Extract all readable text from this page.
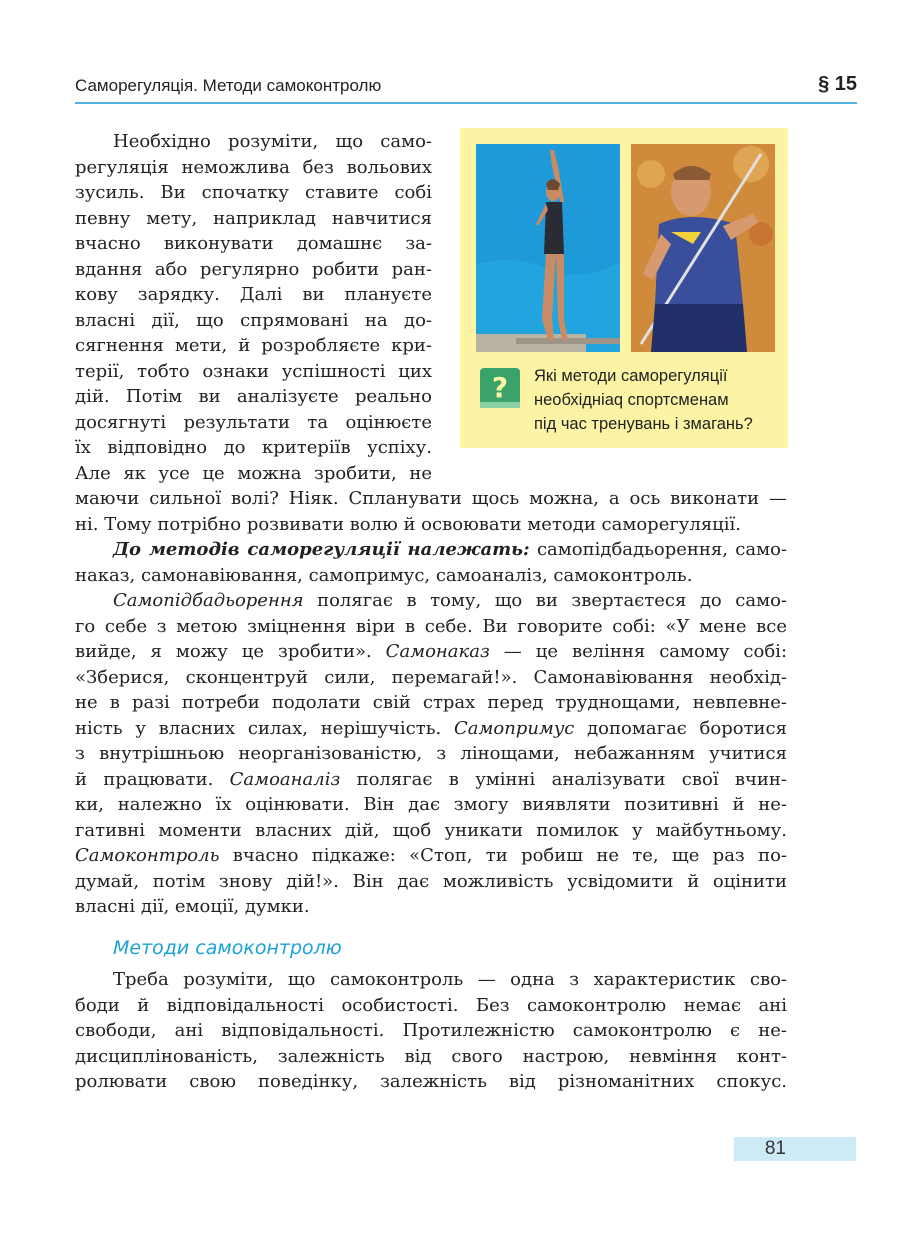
Саморегуляція. Методи самоконтролю	§ 15
? Які методи саморегуляції
необхідніаq спортсменам
під час тренувань і змагань?
Необхідно розуміти, що само-
регуляція неможлива без вольових
зусиль. Ви спочатку ставите собі
певну мету, наприклад навчитися
вчасно виконувати домашнє за-
вдання або регулярно робити ран-
кову зарядку. Далі ви плануєте
власні дії, що спрямовані на до-
сягнення мети, й розробляєте кри-
терії, тобто ознаки успішності цих
дій. Потім ви аналізуєте реально
досягнуті результати та оцінюєте
їх відповідно до критеріїв успіху.
Але як усе це можна зробити, не
маючи сильної волі? Ніяк. Спланувати щось можна, а ось виконати —
ні. Тому потрібно розвивати волю й освоювати методи саморегуляції.
До методів саморегуляції належать: самопідбадьорення, само-
наказ, самонавіювання, самопримус, самоаналіз, самоконтроль.
Самопідбадьорення полягає в тому, що ви звертаєтеся до само-
го себе з метою зміцнення віри в себе. Ви говорите собі: «У мене все
вийде, я можу це зробити». Самонаказ — це веління самому собі:
«Зберися, сконцентруй сили, перемагай!». Самонавіювання необхід-
не в разі потреби подолати свій страх перед труднощами, невпевне-
ність у власних силах, нерішучість. Самопримус допомагає боротися
з внутрішньою неорганізованістю, з лінощами, небажанням учитися
й працювати. Самоаналіз полягає в умінні аналізувати свої вчин-
ки, належно їх оцінювати. Він дає змогу виявляти позитивні й не-
гативні моменти власних дій, щоб уникати помилок у майбутньому.
Самоконтроль вчасно підкаже: «Стоп, ти робиш не те, ще раз по-
думай, потім знову дій!». Він дає можливість усвідомити й оцінити
власні дії, емоції, думки.
Методи самоконтролю
Треба розуміти, що самоконтроль — одна з характеристик сво-
боди й відповідальності особистості. Без самоконтролю немає ані
свободи, ані відповідальності. Протилежністю самоконтролю є не-
дисциплінованість, залежність від свого настрою, невміння конт-
ролювати свою поведінку, залежність від різноманітних спокус.
81
